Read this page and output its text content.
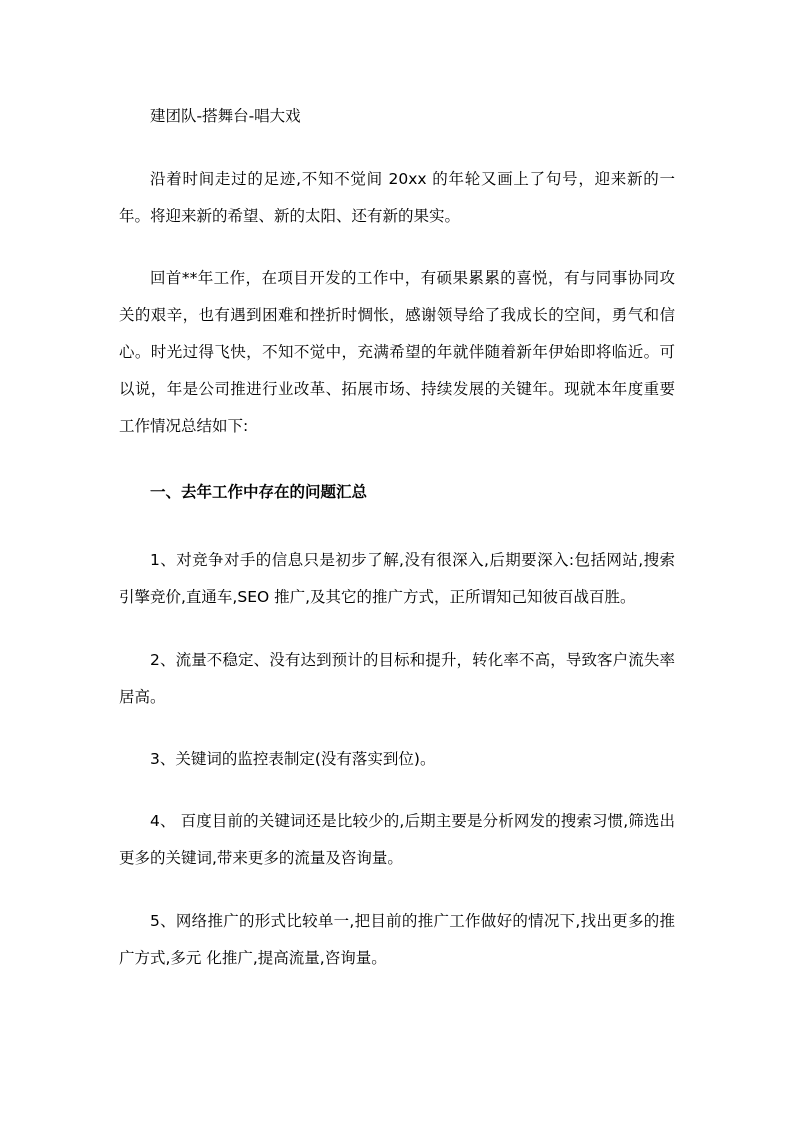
建团队-搭舞台-唱大戏

沿着时间走过的足迹,不知不觉间 20xx 的年轮又画上了句号，迎来新的一年。将迎来新的希望、新的太阳、还有新的果实。

回首**年工作，在项目开发的工作中，有硕果累累的喜悦，有与同事协同攻关的艰辛，也有遇到困难和挫折时惆怅，感谢领导给了我成长的空间，勇气和信心。时光过得飞快，不知不觉中，充满希望的年就伴随着新年伊始即将临近。可以说，年是公司推进行业改革、拓展市场、持续发展的关键年。现就本年度重要工作情况总结如下:

一、去年工作中存在的问题汇总

1、对竞争对手的信息只是初步了解,没有很深入,后期要深入:包括网站,搜索引擎竞价,直通车,SEO 推广,及其它的推广方式，正所谓知己知彼百战百胜。

2、流量不稳定、没有达到预计的目标和提升，转化率不高，导致客户流失率居高。

3、关键词的监控表制定(没有落实到位)。

4、 百度目前的关键词还是比较少的,后期主要是分析网发的搜索习惯,筛选出更多的关键词,带来更多的流量及咨询量。

5、网络推广的形式比较单一,把目前的推广工作做好的情况下,找出更多的推广方式,多元 化推广,提高流量,咨询量。
